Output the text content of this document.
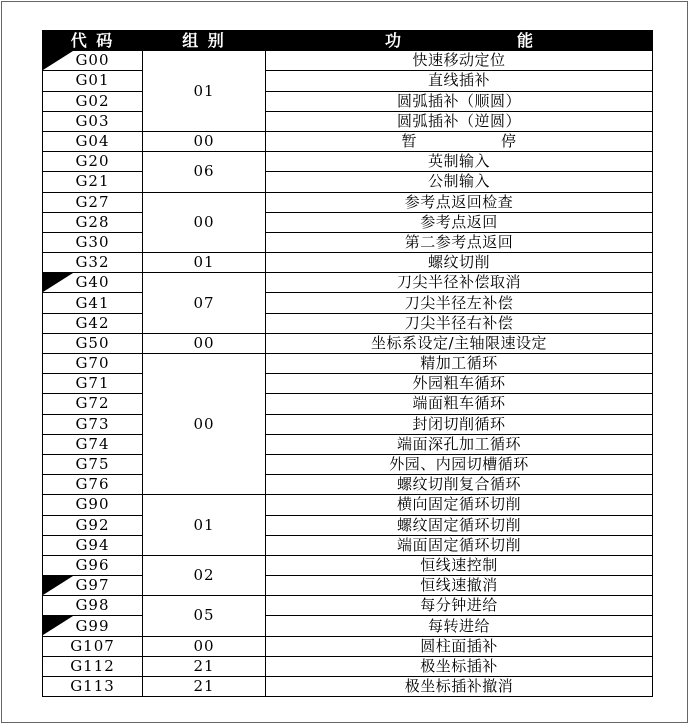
代 码	组 别	功 能

G00	01	快速移动定位
G01		直线插补
G02		圆弧插补（顺圆）
G03		圆弧插补（逆圆）
G04	00	暂 停
G20	06	英制输入
G21		公制输入
G27	00	参考点返回检查
G28		参考点返回
G30		第二参考点返回
G32	01	螺纹切削

G40	07	刀尖半径补偿取消
G41		刀尖半径左补偿
G42		刀尖半径右补偿
G50	00	坐标系设定/主轴限速设定
G70	00	精加工循环
G71		外园粗车循环
G72		端面粗车循环
G73		封闭切削循环
G74		端面深孔加工循环
G75		外园、内园切槽循环
G76		螺纹切削复合循环
G90	01	横向固定循环切削
G92		螺纹固定循环切削
G94		端面固定循环切削
G96	02	恒线速控制

G97		恒线速撤消
G98	05	每分钟进给

G99		每转进给
G107	00	圆柱面插补
G112	21	极坐标插补
G113	21	极坐标插补撤消
